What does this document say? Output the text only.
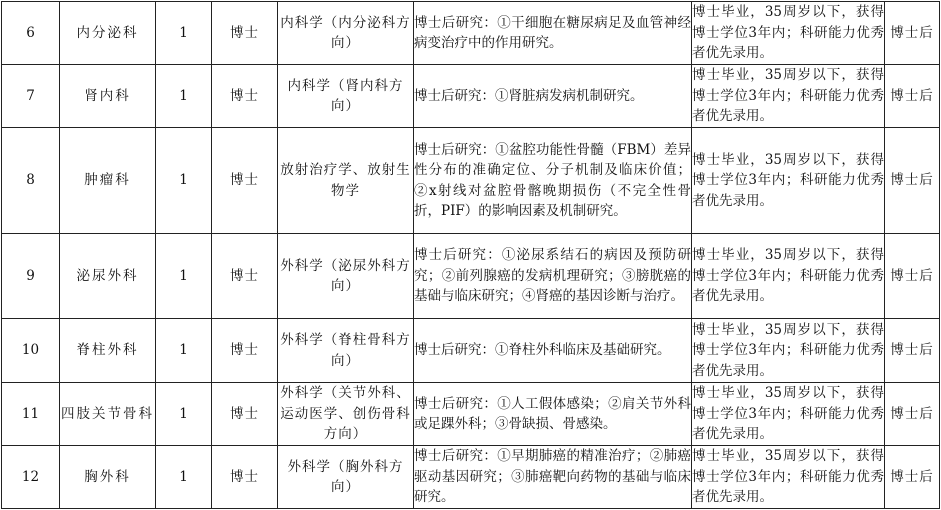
6	内分泌科	1	博士	内科学（内分泌科方向）	博士后研究：①干细胞在糖尿病足及血管神经病变治疗中的作用研究。	博士毕业，35周岁以下，获得博士学位3年内；科研能力优秀者优先录用。	博士后
7	肾内科	1	博士	内科学（肾内科方向）	博士后研究：①肾脏病发病机制研究。	博士毕业，35周岁以下，获得博士学位3年内；科研能力优秀者优先录用。	博士后
8	肿瘤科	1	博士	放射治疗学、放射生物学	博士后研究：①盆腔功能性骨髓（FBM）差异性分布的准确定位、分子机制及临床价值；②x射线对盆腔骨髂晚期损伤（不完全性骨折，PIF）的影响因素及机制研究。	博士毕业，35周岁以下，获得博士学位3年内；科研能力优秀者优先录用。	博士后
9	泌尿外科	1	博士	外科学（泌尿外科方向）	博士后研究：①泌尿系结石的病因及预防研究；②前列腺癌的发病机理研究；③膀胱癌的基础与临床研究；④肾癌的基因诊断与治疗。	博士毕业，35周岁以下，获得博士学位3年内；科研能力优秀者优先录用。	博士后
10	脊柱外科	1	博士	外科学（脊柱骨科方向）	博士后研究：①脊柱外科临床及基础研究。	博士毕业，35周岁以下，获得博士学位3年内；科研能力优秀者优先录用。	博士后
11	四肢关节骨科	1	博士	外科学（关节外科、运动医学、创伤骨科方向）	博士后研究：①人工假体感染；②肩关节外科或足踝外科；③骨缺损、骨感染。	博士毕业，35周岁以下，获得博士学位3年内；科研能力优秀者优先录用。	博士后
12	胸外科	1	博士	外科学（胸外科方向）	博士后研究：①早期肺癌的精准治疗；②肺癌驱动基因研究；③肺癌靶向药物的基础与临床研究。	博士毕业，35周岁以下，获得博士学位3年内；科研能力优秀者优先录用。	博士后
